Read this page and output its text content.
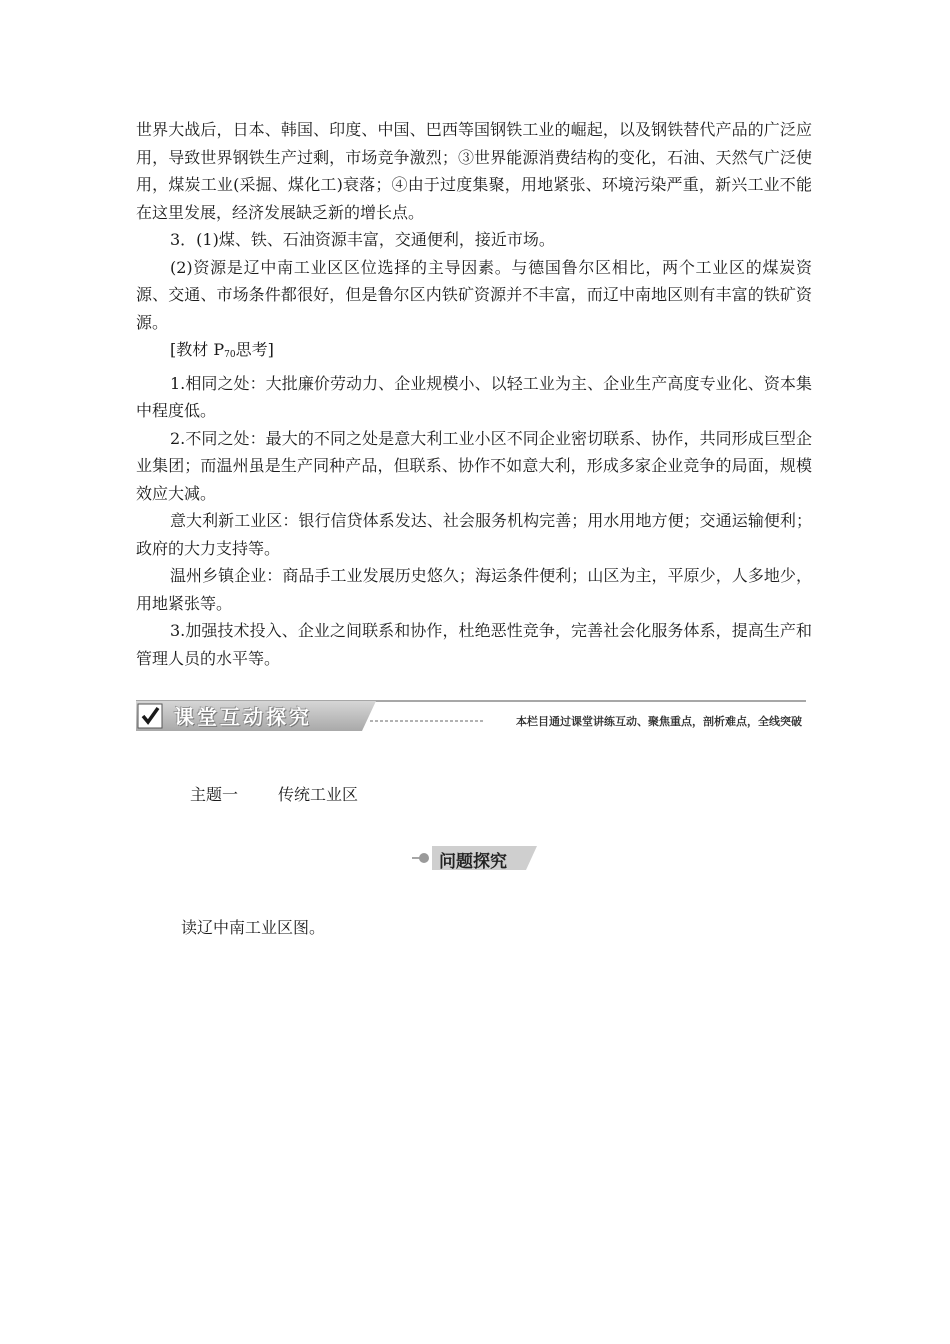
世界大战后，日本、韩国、印度、中国、巴西等国钢铁工业的崛起，以及钢铁替代产品的广泛应用，导致世界钢铁生产过剩，市场竞争激烈；③世界能源消费结构的变化，石油、天然气广泛使用，煤炭工业(采掘、煤化工)衰落；④由于过度集聚，用地紧张、环境污染严重，新兴工业不能在这里发展，经济发展缺乏新的增长点。

3．(1)煤、铁、石油资源丰富，交通便利，接近市场。

(2)资源是辽中南工业区区位选择的主导因素。与德国鲁尔区相比，两个工业区的煤炭资源、交通、市场条件都很好，但是鲁尔区内铁矿资源并不丰富，而辽中南地区则有丰富的铁矿资源。

[教材 $P_{70}$思考]

1.相同之处：大批廉价劳动力、企业规模小、以轻工业为主、企业生产高度专业化、资本集中程度低。

2.不同之处：最大的不同之处是意大利工业小区不同企业密切联系、协作，共同形成巨型企业集团；而温州虽是生产同种产品，但联系、协作不如意大利，形成多家企业竞争的局面，规模效应大减。

意大利新工业区：银行信贷体系发达、社会服务机构完善；用水用地方便；交通运输便利；政府的大力支持等。

温州乡镇企业：商品手工业发展历史悠久；海运条件便利；山区为主，平原少，人多地少，用地紧张等。

3.加强技术投入、企业之间联系和协作，杜绝恶性竞争，完善社会化服务体系，提高生产和管理人员的水平等。

课堂互动探究	本栏目通过课堂讲练互动、聚焦重点，剖析难点，全线突破
主题一 传统工业区
问题探究
读辽中南工业区图。
